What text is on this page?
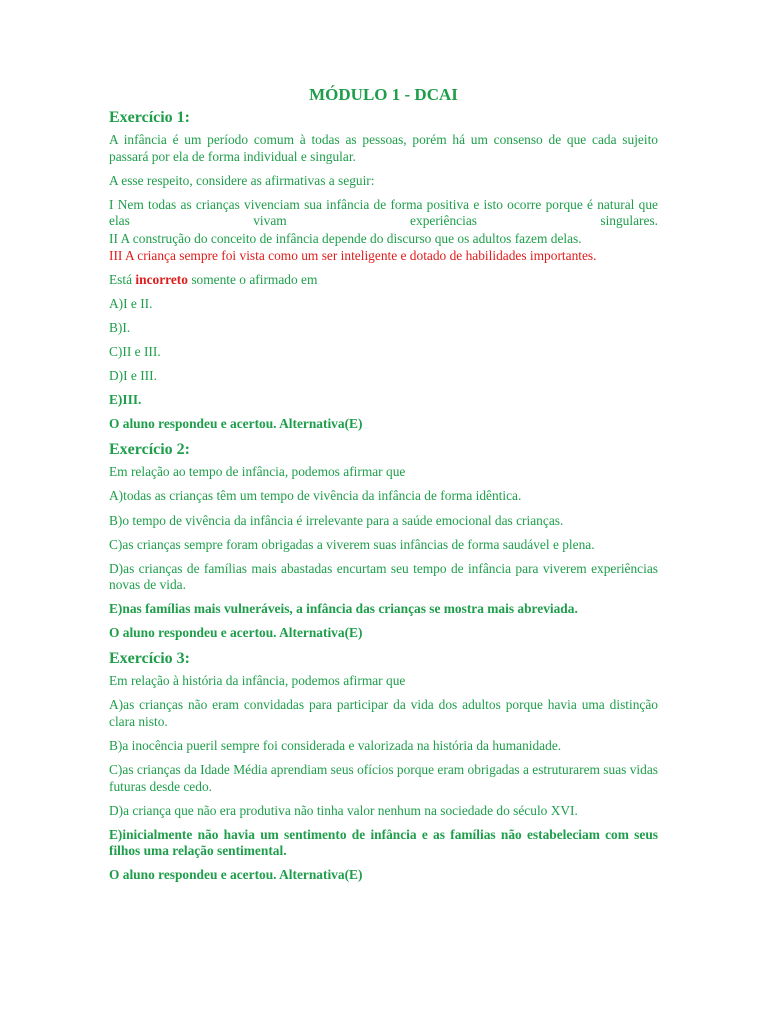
MÓDULO 1 - DCAI
Exercício 1:

A infância é um período comum à todas as pessoas, porém há um consenso de que cada sujeito passará por ela de forma individual e singular.

A esse respeito, considere as afirmativas a seguir:

I Nem todas as crianças vivenciam sua infância de forma positiva e isto ocorre porque é natural que elas vivam experiências singulares.

II A construção do conceito de infância depende do discurso que os adultos fazem delas.

III A criança sempre foi vista como um ser inteligente e dotado de habilidades importantes.

Está incorreto somente o afirmado em

A)I e II.

B)I.

C)II e III.

D)I e III.

E)III.

O aluno respondeu e acertou. Alternativa(E)

Exercício 2:

Em relação ao tempo de infância, podemos afirmar que

A)todas as crianças têm um tempo de vivência da infância de forma idêntica.

B)o tempo de vivência da infância é irrelevante para a saúde emocional das crianças.

C)as crianças sempre foram obrigadas a viverem suas infâncias de forma saudável e plena.

D)as crianças de famílias mais abastadas encurtam seu tempo de infância para viverem experiências novas de vida.

E)nas famílias mais vulneráveis, a infância das crianças se mostra mais abreviada.

O aluno respondeu e acertou. Alternativa(E)

Exercício 3:

Em relação à história da infância, podemos afirmar que

A)as crianças não eram convidadas para participar da vida dos adultos porque havia uma distinção clara nisto.

B)a inocência pueril sempre foi considerada e valorizada na história da humanidade.

C)as crianças da Idade Média aprendiam seus ofícios porque eram obrigadas a estruturarem suas vidas futuras desde cedo.

D)a criança que não era produtiva não tinha valor nenhum na sociedade do século XVI.

E)inicialmente não havia um sentimento de infância e as famílias não estabeleciam com seus filhos uma relação sentimental.

O aluno respondeu e acertou. Alternativa(E)
